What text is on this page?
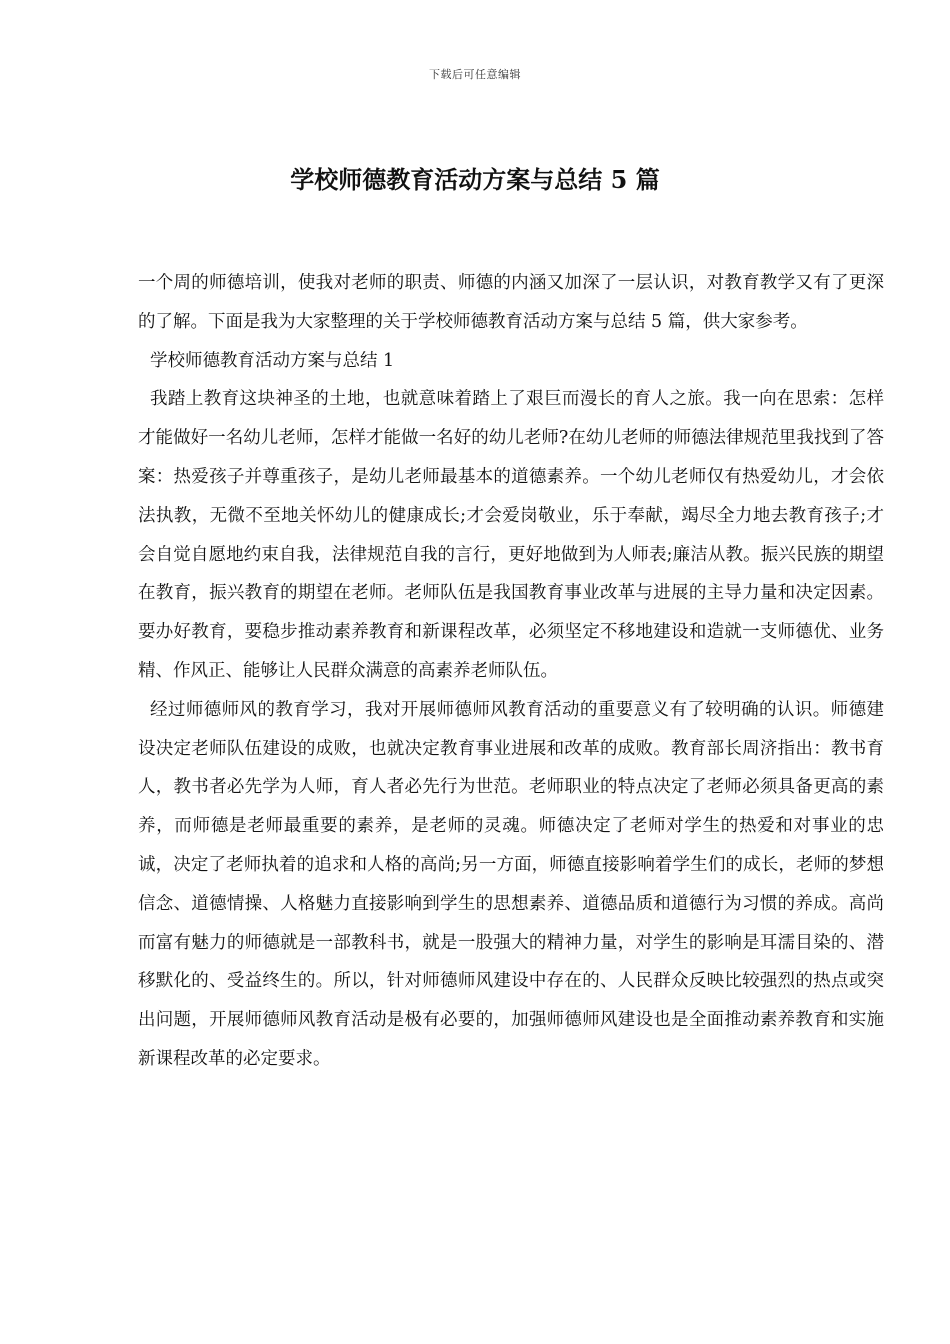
下载后可任意编辑
学校师德教育活动方案与总结 5 篇

一个周的师德培训，使我对老师的职责、师德的内涵又加深了一层认识，对教育教学又有了更深的了解。下面是我为大家整理的关于学校师德教育活动方案与总结 5 篇，供大家参考。

学校师德教育活动方案与总结 1

我踏上教育这块神圣的土地，也就意味着踏上了艰巨而漫长的育人之旅。我一向在思索：怎样才能做好一名幼儿老师，怎样才能做一名好的幼儿老师?在幼儿老师的师德法律规范里我找到了答案：热爱孩子并尊重孩子，是幼儿老师最基本的道德素养。一个幼儿老师仅有热爱幼儿，才会依法执教，无微不至地关怀幼儿的健康成长;才会爱岗敬业，乐于奉献，竭尽全力地去教育孩子;才会自觉自愿地约束自我，法律规范自我的言行，更好地做到为人师表;廉洁从教。振兴民族的期望在教育，振兴教育的期望在老师。老师队伍是我国教育事业改革与进展的主导力量和决定因素。要办好教育，要稳步推动素养教育和新课程改革，必须坚定不移地建设和造就一支师德优、业务精、作风正、能够让人民群众满意的高素养老师队伍。

经过师德师风的教育学习，我对开展师德师风教育活动的重要意义有了较明确的认识。师德建设决定老师队伍建设的成败，也就决定教育事业进展和改革的成败。教育部长周济指出：教书育人，教书者必先学为人师，育人者必先行为世范。老师职业的特点决定了老师必须具备更高的素养，而师德是老师最重要的素养，是老师的灵魂。师德决定了老师对学生的热爱和对事业的忠诚，决定了老师执着的追求和人格的高尚;另一方面，师德直接影响着学生们的成长，老师的梦想信念、道德情操、人格魅力直接影响到学生的思想素养、道德品质和道德行为习惯的养成。高尚而富有魅力的师德就是一部教科书，就是一股强大的精神力量，对学生的影响是耳濡目染的、潜移默化的、受益终生的。所以，针对师德师风建设中存在的、人民群众反映比较强烈的热点或突出问题，开展师德师风教育活动是极有必要的，加强师德师风建设也是全面推动素养教育和实施新课程改革的必定要求。
